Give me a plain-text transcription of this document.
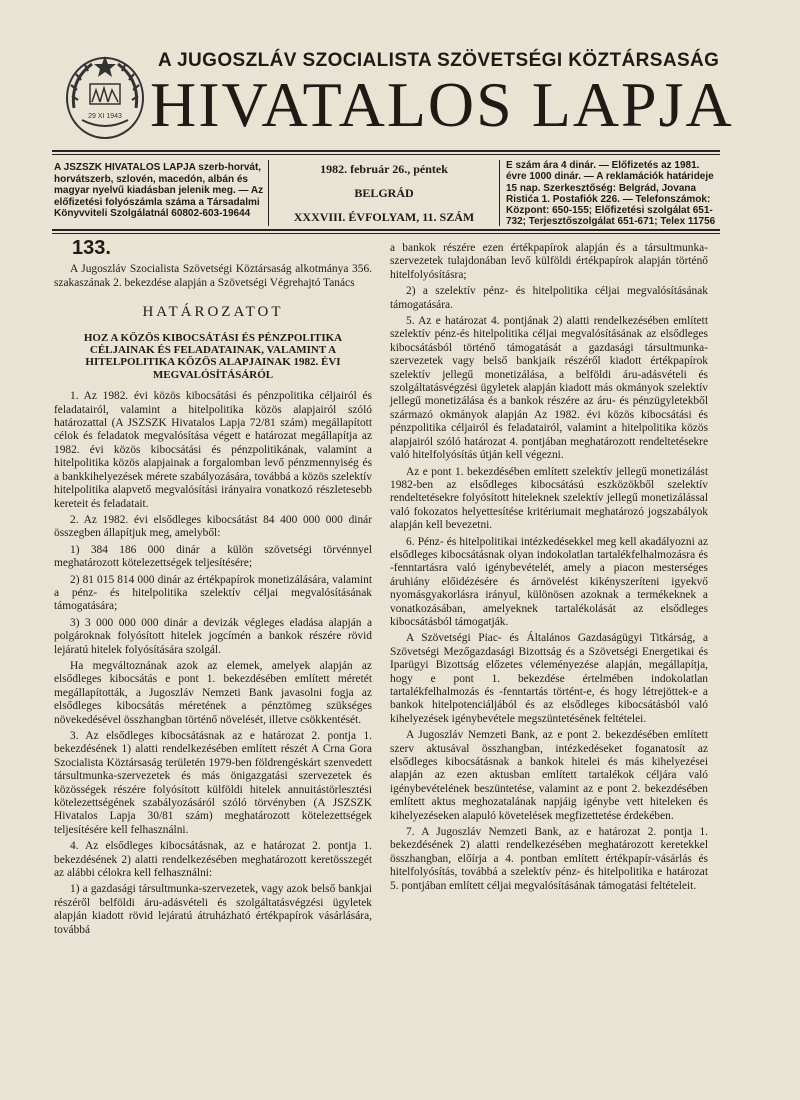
29 XI 1943
A JUGOSZLÁV SZOCIALISTA SZÖVETSÉGI KÖZTÁRSASÁG
HIVATALOS LAPJA
A JSZSZK HIVATALOS LAPJA szerb-horvát, horvátszerb, szlovén, macedón, albán és magyar nyelvű kiadásban jelenik meg. — Az előfizetési folyószámla száma a Társadalmi Könyvviteli Szolgálatnál 60802-603-19644
1982. február 26., péntek
BELGRÁD
XXXVIII. ÉVFOLYAM, 11. SZÁM
E szám ára 4 dinár. — Előfizetés az 1981. évre 1000 dinár. — A reklamációk határideje 15 nap. Szerkesztőség: Belgrád, Jovana Ristića 1. Postafiók 226. — Telefonszámok: Központ: 650-155; Előfizetési szolgálat 651-732; Terjesztőszolgálat 651-671; Telex 11756
133.

A Jugoszláv Szocialista Szövetségi Köztársaság alkotmánya 356. szakaszának 2. bekezdése alapján a Szövetségi Végrehajtó Tanács

HATÁROZATOT
HOZ A KÖZÖS KIBOCSÁTÁSI ÉS PÉNZPOLITIKA CÉLJAINAK ÉS FELADATAINAK, VALAMINT A HITELPOLITIKA KÖZÖS ALAPJAINAK 1982. ÉVI MEGVALÓSÍTÁSÁRÓL

1. Az 1982. évi közös kibocsátási és pénzpolitika céljairól és feladatairól, valamint a hitelpolitika közös alapjairól szóló határozattal (A JSZSZK Hivatalos Lapja 72/81 szám) megállapított célok és feladatok megvalósítása végett e határozat megállapítja az 1982. évi közös kibocsátási és pénzpolitikának, valamint a hitelpolitika közös alapjainak a forgalomban levő pénzmennyiség és a bankkihelyezések mérete szabályozására, továbbá a közös szelektív hitelpolitika alapvető megvalósítási irányaira vonatkozó részletesebb kereteit és feladatait.

2. Az 1982. évi elsődleges kibocsátást 84 400 000 000 dinár összegben állapítjuk meg, amelyből:

1) 384 186 000 dinár a külön szövetségi törvénnyel meghatározott kötelezettségek teljesítésére;

2) 81 015 814 000 dinár az értékpapírok monetizálására, valamint a pénz- és hitelpolitika szelektív céljai megvalósításának támogatására;

3) 3 000 000 000 dinár a devizák végleges eladása alapján a polgároknak folyósított hitelek jogcímén a bankok részére rövid lejáratú hitelek folyósítására szolgál.

Ha megváltoznának azok az elemek, amelyek alapján az elsődleges kibocsátás e pont 1. bekezdésében említett méretét megállapították, a Jugoszláv Nemzeti Bank javasolni fogja az elsődleges kibocsátás méretének a pénztömeg szükséges növekedésével összhangban történő növelését, illetve csökkentését.

3. Az elsődleges kibocsátásnak az e határozat 2. pontja 1. bekezdésének 1) alatti rendelkezésében említett részét A Crna Gora Szocialista Köztársaság területén 1979-ben földrengéskárt szenvedett társultmunka-szervezetek és más önigazgatási szervezetek és közösségek részére folyósított külföldi hitelek annuitástörlesztési kötelezettségének szabályozásáról szóló törvényben (A JSZSZK Hivatalos Lapja 30/81 szám) meghatározott kötelezettségek teljesítésére kell felhasználni.

4. Az elsődleges kibocsátásnak, az e határozat 2. pontja 1. bekezdésének 2) alatti rendelkezésében meghatározott keretösszegét az alábbi célokra kell felhasználni:

1) a gazdasági társultmunka-szervezetek, vagy azok belső bankjai részéről belföldi áru-adásvételi és szolgáltatásvégzési ügyletek alapján kiadott rövid lejáratú átruházható értékpapírok vásárlására, továbbá

a bankok részére ezen értékpapírok alapján és a társultmunka-szervezetek tulajdonában levő külföldi értékpapírok alapján történő hitelfolyósításra;

2) a szelektív pénz- és hitelpolitika céljai megvalósításának támogatására.

5. Az e határozat 4. pontjának 2) alatti rendelkezésében említett szelektív pénz-és hitelpolitika céljai megvalósításának az elsődleges kibocsátásból történő támogatását a gazdasági társultmunka-szervezetek vagy belső bankjaik részéről kiadott értékpapírok szelektív jellegű monetizálása, a belföldi áru-adásvételi és szolgáltatásvégzési ügyletek alapján kiadott más okmányok szelektív jellegű monetizálása és a bankok részére az áru- és pénzügyletekből származó okmányok alapján Az 1982. évi közös kibocsátási és pénzpolitika céljairól és feladatairól, valamint a hitelpolitika közös alapjairól szóló határozat 4. pontjában meghatározott rendeltetésekre való hitelfolyósítás útján kell végezni.

Az e pont 1. bekezdésében említett szelektív jellegű monetizálást 1982-ben az elsődleges kibocsátású eszközökből szelektív rendeltetésekre folyósított hiteleknek szelektív jellegű monetizálással való fokozatos helyettesítése kritériumait meghatározó jogszabályok alapján kell bevezetni.

6. Pénz- és hitelpolitikai intézkedésekkel meg kell akadályozni az elsődleges kibocsátásnak olyan indokolatlan tartalékfelhalmozásra és -fenntartásra való igénybevételét, amely a piacon mesterséges áruhiány előidézésére és árnövelést kikényszeríteni igyekvő nyomásgyakorlásra irányul, különösen azoknak a termékeknek a vonatkozásában, amelyeknek tartalékolását az elsődleges kibocsátásból támogatják.

A Szövetségi Piac- és Általános Gazdaságügyi Titkárság, a Szövetségi Mezőgazdasági Bizottság és a Szövetségi Energetikai és Iparügyi Bizottság előzetes véleményezése alapján, megállapítja, hogy e pont 1. bekezdése értelmében indokolatlan tartalékfelhalmozás és -fenntartás történt-e, és hogy létrejöttek-e a bankok hitelpotenciáljából és az elsődleges kibocsátásból való kihelyezések igénybevétele megszüntetésének feltételei.

A Jugoszláv Nemzeti Bank, az e pont 2. bekezdésében említett szerv aktusával összhangban, intézkedéseket foganatosít az elsődleges kibocsátásnak a bankok hitelei és más kihelyezései alapján az ezen aktusban említett tartalékok céljára való igénybevételének beszüntetése, valamint az e pont 2. bekezdésében említett aktus meghozatalának napjáig igénybe vett hiteleken és kihelyezéseken alapuló követelések megfizettetése érdekében.

7. A Jugoszláv Nemzeti Bank, az e határozat 2. pontja 1. bekezdésének 2) alatti rendelkezésében meghatározott keretekkel összhangban, előírja a 4. pontban említett értékpapír-vásárlás és hitelfolyósítás, továbbá a szelektív pénz- és hitelpolitika e határozat 5. pontjában említett céljai megvalósításának támogatási feltételeit.
